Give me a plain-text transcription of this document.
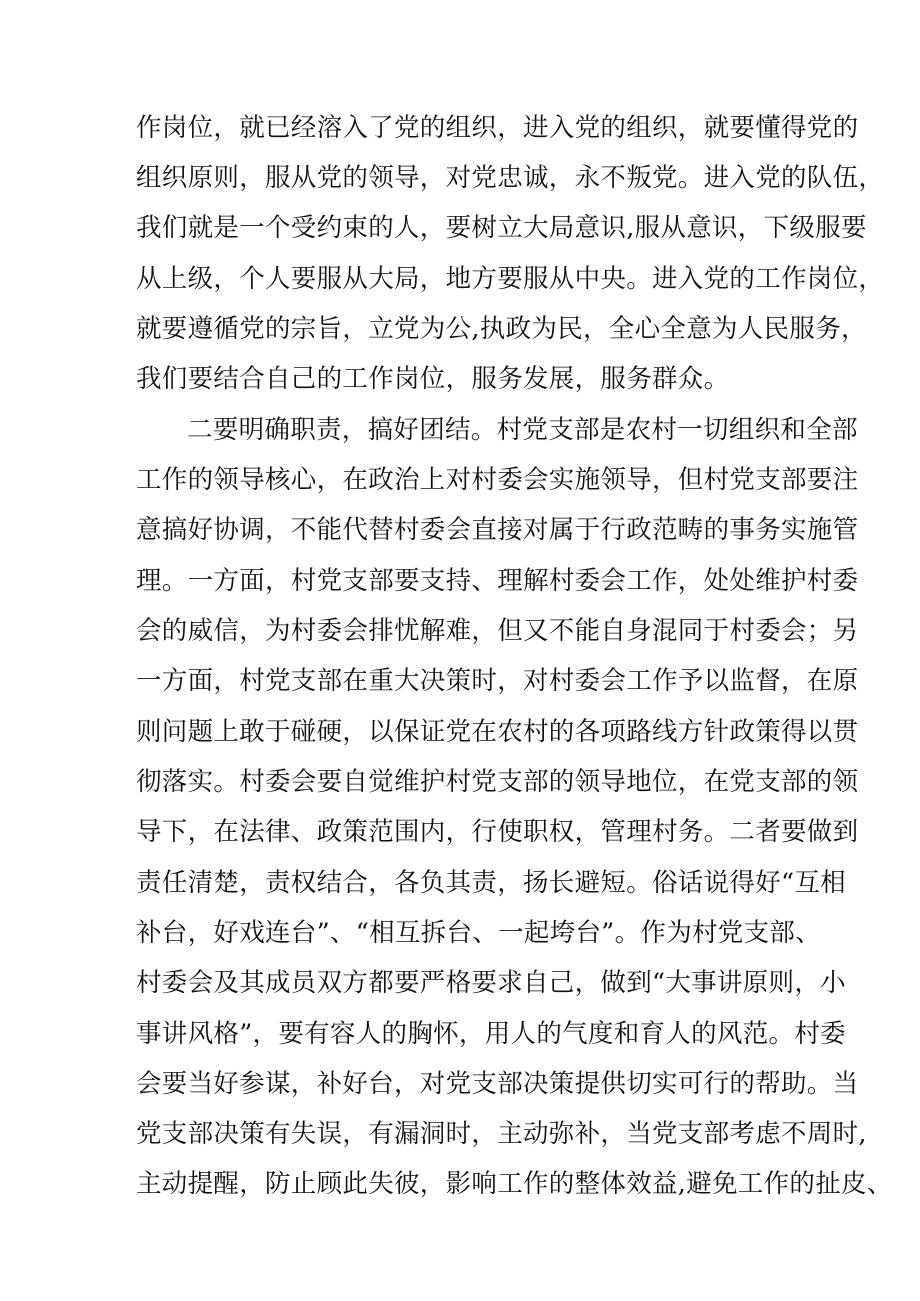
作岗位，就已经溶入了党的组织，进入党的组织，就要懂得党的
组织原则，服从党的领导，对党忠诚，永不叛党。进入党的队伍，
我们就是一个受约束的人，要树立大局意识,服从意识，下级服要
从上级，个人要服从大局，地方要服从中央。进入党的工作岗位，
就要遵循党的宗旨，立党为公,执政为民，全心全意为人民服务，
我们要结合自己的工作岗位，服务发展，服务群众。
二要明确职责，搞好团结。村党支部是农村一切组织和全部
工作的领导核心，在政治上对村委会实施领导，但村党支部要注
意搞好协调，不能代替村委会直接对属于行政范畴的事务实施管
理。一方面，村党支部要支持、理解村委会工作，处处维护村委
会的威信，为村委会排忧解难，但又不能自身混同于村委会；另
一方面，村党支部在重大决策时，对村委会工作予以监督，在原
则问题上敢于碰硬，以保证党在农村的各项路线方针政策得以贯
彻落实。村委会要自觉维护村党支部的领导地位，在党支部的领
导下，在法律、政策范围内，行使职权，管理村务。二者要做到
责任清楚，责权结合，各负其责，扬长避短。俗话说得好“互相
补台，好戏连台”、“相互拆台、一起垮台”。作为村党支部、
村委会及其成员双方都要严格要求自己，做到“大事讲原则，小
事讲风格”，要有容人的胸怀，用人的气度和育人的风范。村委
会要当好参谋，补好台，对党支部决策提供切实可行的帮助。当
党支部决策有失误，有漏洞时，主动弥补，当党支部考虑不周时,
主动提醒，防止顾此失彼，影响工作的整体效益,避免工作的扯皮、
